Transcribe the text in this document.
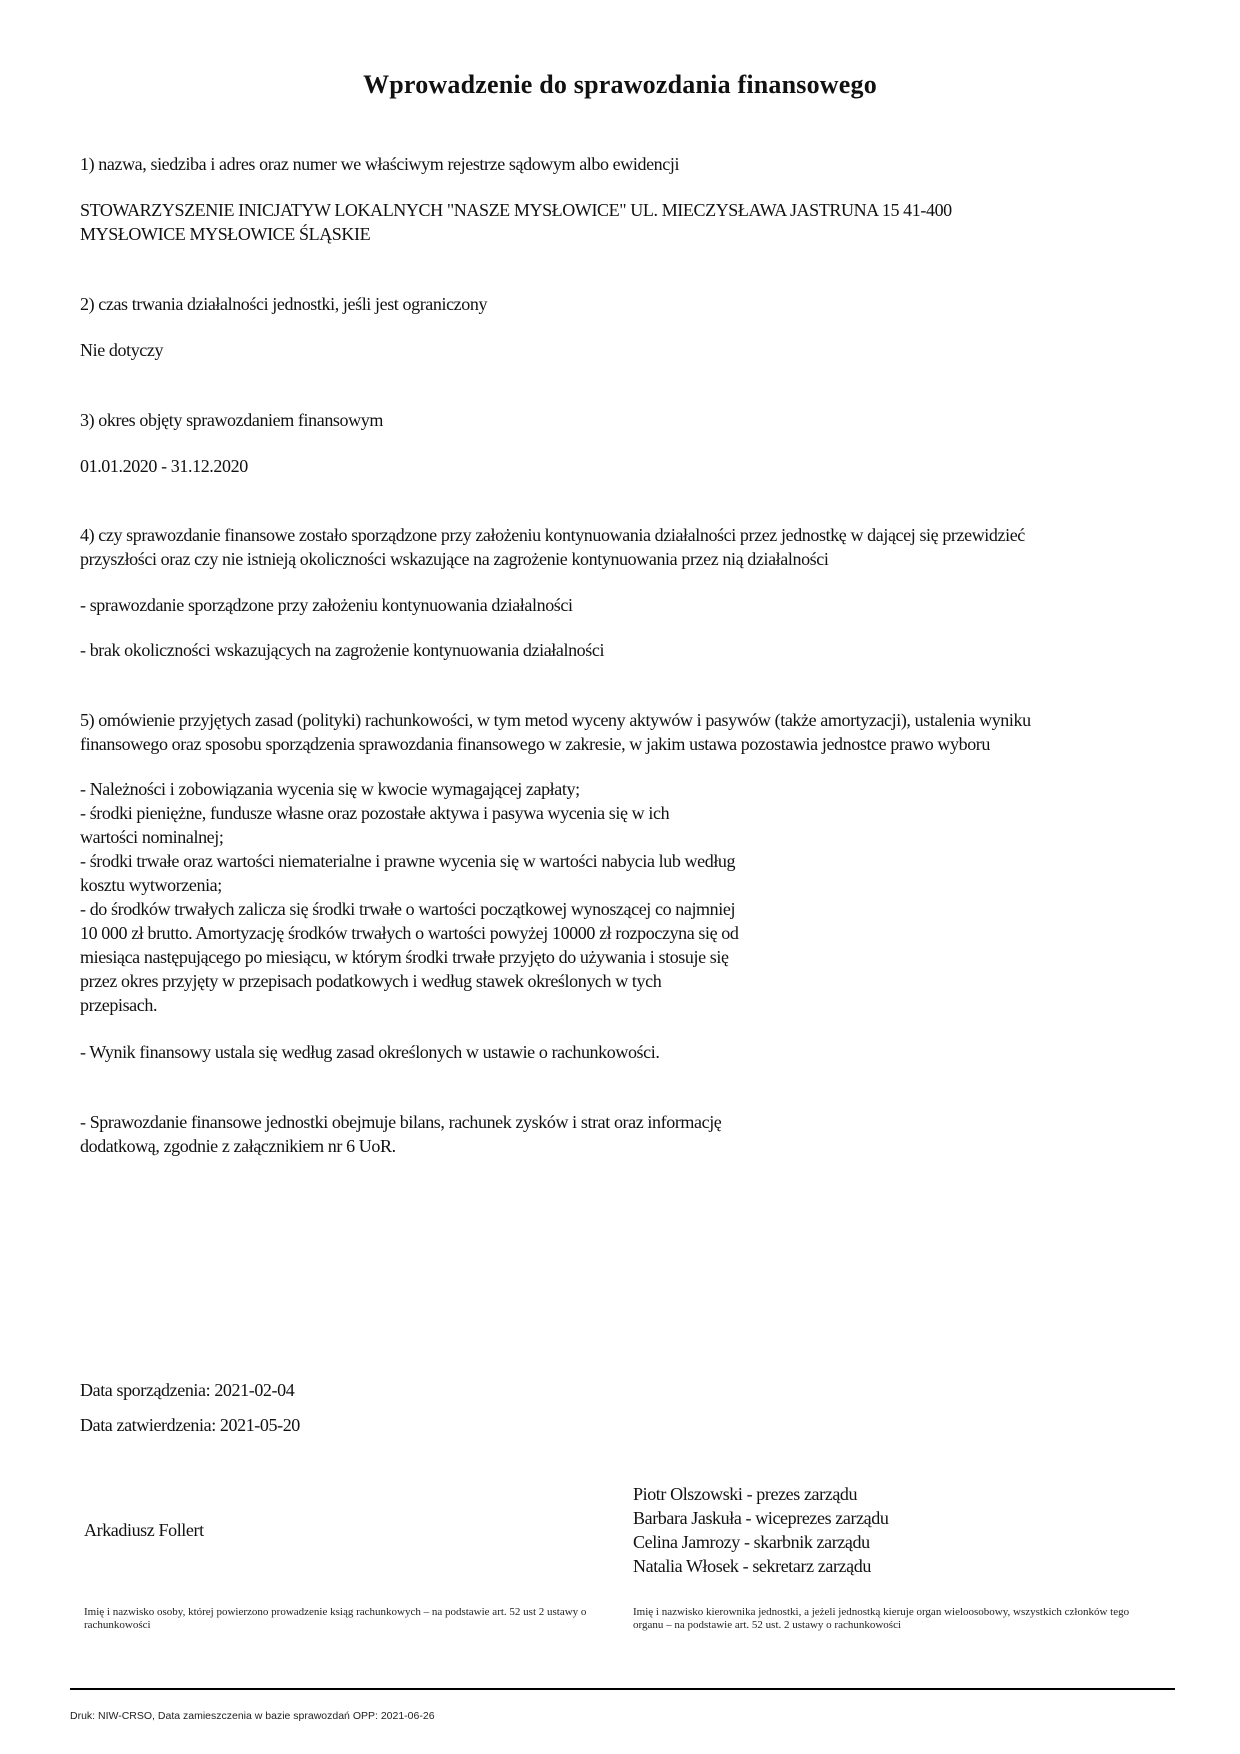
Wprowadzenie do sprawozdania finansowego

1) nazwa, siedziba i adres oraz numer we właściwym rejestrze sądowym albo ewidencji

STOWARZYSZENIE INICJATYW LOKALNYCH "NASZE MYSŁOWICE" UL. MIECZYSŁAWA JASTRUNA 15 41-400

MYSŁOWICE MYSŁOWICE ŚLĄSKIE

2) czas trwania działalności jednostki, jeśli jest ograniczony

Nie dotyczy

3) okres objęty sprawozdaniem finansowym

01.01.2020 - 31.12.2020

4) czy sprawozdanie finansowe zostało sporządzone przy założeniu kontynuowania działalności przez jednostkę w dającej się przewidzieć

przyszłości oraz czy nie istnieją okoliczności wskazujące na zagrożenie kontynuowania przez nią działalności

- sprawozdanie sporządzone przy założeniu kontynuowania działalności

- brak okoliczności wskazujących na zagrożenie kontynuowania działalności

5) omówienie przyjętych zasad (polityki) rachunkowości, w tym metod wyceny aktywów i pasywów (także amortyzacji), ustalenia wyniku

finansowego oraz sposobu sporządzenia sprawozdania finansowego w zakresie, w jakim ustawa pozostawia jednostce prawo wyboru

- Należności i zobowiązania wycenia się w kwocie wymagającej zapłaty;

- środki pieniężne, fundusze własne oraz pozostałe aktywa i pasywa wycenia się w ich

wartości nominalnej;

- środki trwałe oraz wartości niematerialne i prawne wycenia się w wartości nabycia lub według

kosztu wytworzenia;

- do środków trwałych zalicza się środki trwałe o wartości początkowej wynoszącej co najmniej

10 000 zł brutto. Amortyzację środków trwałych o wartości powyżej 10000 zł rozpoczyna się od

miesiąca następującego po miesiącu, w którym środki trwałe przyjęto do używania i stosuje się

przez okres przyjęty w przepisach podatkowych i według stawek określonych w tych

przepisach.

- Wynik finansowy ustala się według zasad określonych w ustawie o rachunkowości.

- Sprawozdanie finansowe jednostki obejmuje bilans, rachunek zysków i strat oraz informację

dodatkową, zgodnie z załącznikiem nr 6 UoR.

Data sporządzenia: 2021-02-04

Data zatwierdzenia: 2021-05-20

Arkadiusz Follert

Piotr Olszowski - prezes zarządu

Barbara Jaskuła - wiceprezes zarządu

Celina Jamrozy - skarbnik zarządu

Natalia Włosek - sekretarz zarządu

Imię i nazwisko osoby, której powierzono prowadzenie ksiąg rachunkowych – na podstawie art. 52 ust 2 ustawy o rachunkowości

Imię i nazwisko kierownika jednostki, a jeżeli jednostką kieruje organ wieloosobowy, wszystkich członków tego organu – na podstawie art. 52 ust. 2 ustawy o rachunkowości

Druk: NIW-CRSO, Data zamieszczenia w bazie sprawozdań OPP: 2021-06-26
